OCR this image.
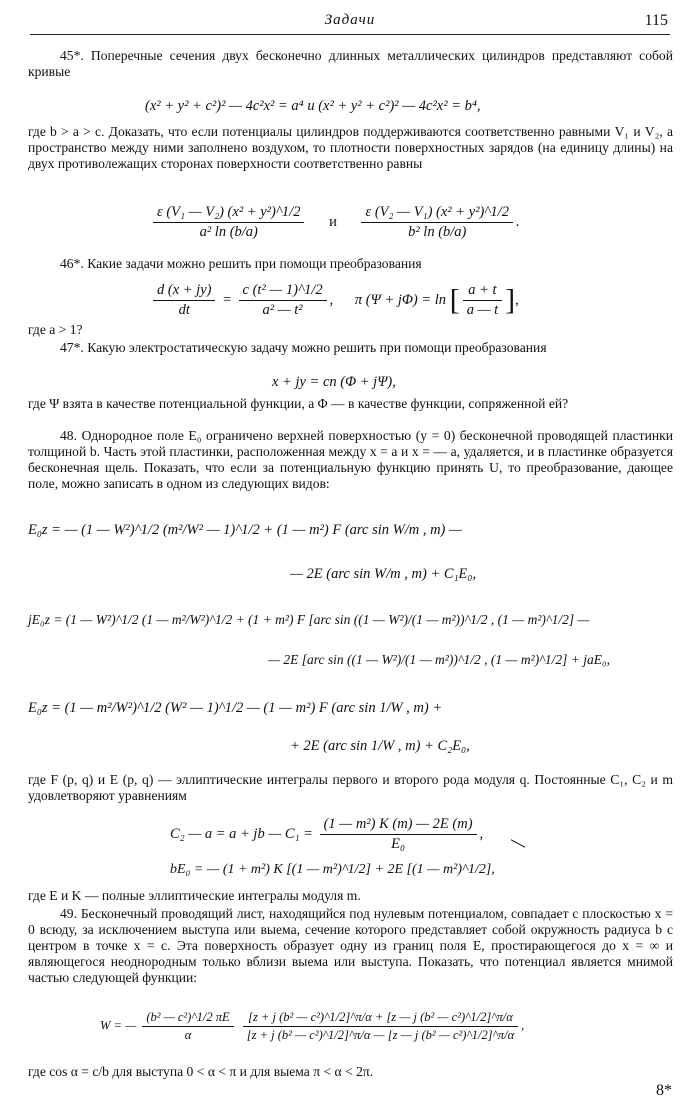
Задачи	115
45*. Поперечные сечения двух бесконечно длинных металлических цилиндров представляют собой кривые
(x² + y² + c²)² — 4c²x² = a⁴ и (x² + y² + c²)² — 4c²x² = b⁴,
где b > a > c. Доказать, что если потенциалы цилиндров поддерживаются соответственно равными V₁ и V₂, а пространство между ними заполнено воздухом, то плотности поверхностных зарядов (на единицу длины) на двух противолежащих сторонах поверхности соответственно равны
$\frac{\text{ε (V₁ — V₂) (x² + y²)\textasciicircum{}1/2}}{\text{a² ln (b/a)}}$ и $\frac{\text{ε (V₂ — V₁) (x² + y²)\textasciicircum{}1/2}}{\text{b² ln (b/a)}}$ .
46*. Какие задачи можно решить при помощи преобразования
$\frac{d (x + jy)}{dt} = \frac{\text{c (t² — 1)\textasciicircum{}1/2}}{\text{a² — t²}}$ , π (Ψ + jΦ) = ln [ $\frac{a + t}{a — t}$ ],
где a > 1?
47*. Какую электростатическую задачу можно решить при помощи преобразования
x + jy = cn (Φ + jΨ),
где Ψ взята в качестве потенциальной функции, а Φ — в качестве функции, сопряженной ей?
48. Однородное поле E₀ ограничено верхней поверхностью (y = 0) бесконечной проводящей пластинки толщиной b. Часть этой пластинки, расположенная между x = a и x = — a, удаляется, и в пластинке образуется бесконечная щель. Показать, что если за потенциальную функцию принять U, то преобразование, дающее поле, можно записать в одном из следующих видов:
E₀z = — (1 — W²)^1/2 (m²/W² — 1)^1/2 + (1 — m²) F (arc sin W/m , m) —
— 2E (arc sin W/m , m) + C₁E₀,
jE₀z = (1 — W²)^1/2 (1 — m²/W²)^1/2 + (1 + m²) F [arc sin ((1 — W²)/(1 — m²))^1/2 , (1 — m²)^1/2] —
— 2E [arc sin ((1 — W²)/(1 — m²))^1/2 , (1 — m²)^1/2] + jaE₀,
E₀z = (1 — m²/W²)^1/2 (W² — 1)^1/2 — (1 — m²) F (arc sin 1/W , m) +
+ 2E (arc sin 1/W , m) + C₂E₀,
где F (p, q) и E (p, q) — эллиптические интегралы первого и второго рода модуля q. Постоянные C₁, C₂ и m удовлетворяют уравнениям
C₂ — a = a + jb — $C_1 = \frac{\text{(1 — m²) K (m) — 2E (m)}}{\text{E₀}}$ ,
bE₀ = — (1 + m²) K [(1 — m²)^1/2] + 2E [(1 — m²)^1/2],
где E и K — полные эллиптические интегралы модуля m.
49. Бесконечный проводящий лист, находящийся под нулевым потенциалом, совпадает с плоскостью x = 0 всюду, за исключением выступа или выема, сечение которого представляет собой окружность радиуса b с центром в точке x = c. Эта поверхность образует одну из границ поля E, простирающегося до x = ∞ и являющегося неоднородным только вблизи выема или выступа. Показать, что потенциал является мнимой частью следующей функции:
W = — $\frac{\text{(b² — c²)\textasciicircum{}1/2 πE}}{\alpha}$
$\frac{\text{[z + j (b² — c²)\textasciicircum{}1/2]\textasciicircum{}π/α + [z — j (b² — c²)\textasciicircum{}1/2]\textasciicircum{}π/α}}{\text{[z + j (b² — c²)\textasciicircum{}1/2]\textasciicircum{}π/α — [z — j (b² — c²)\textasciicircum{}1/2]\textasciicircum{}π/α}}$ ,
где cos α = c/b для выступа 0 < α < π и для выема π < α < 2π.
8*
